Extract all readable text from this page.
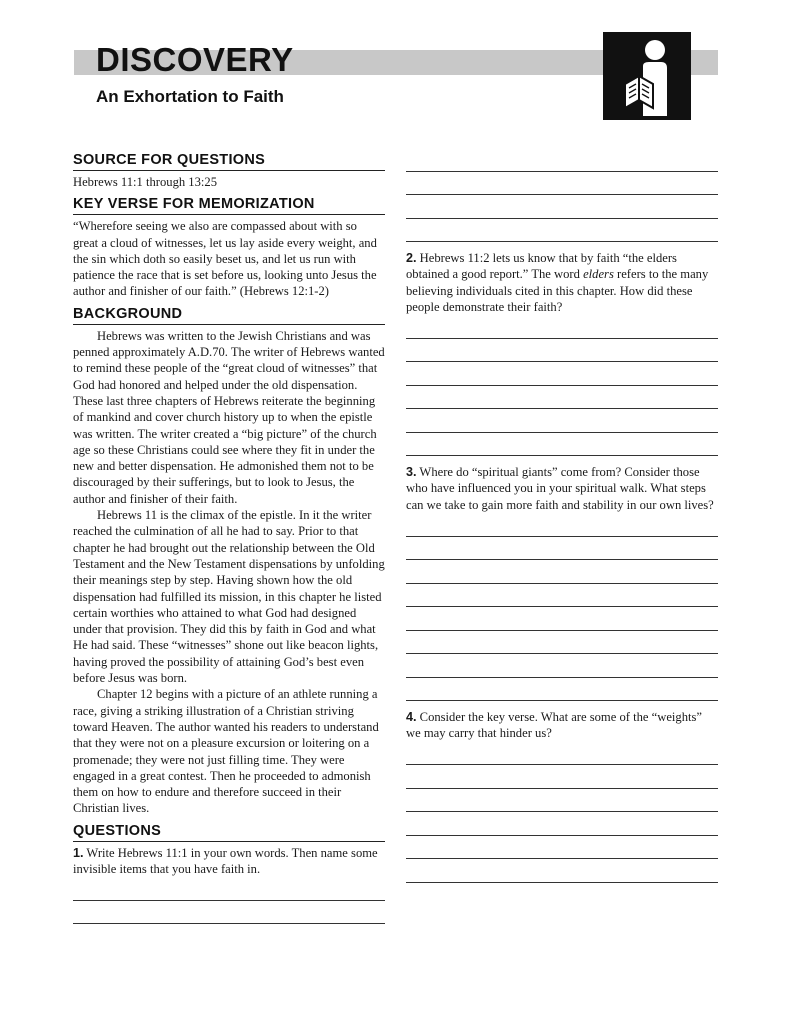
DISCOVERY
An Exhortation to Faith
SOURCE FOR QUESTIONS

Hebrews 11:1 through 13:25

KEY VERSE FOR MEMORIZATION

“Wherefore seeing we also are compassed about with so great a cloud of witnesses, let us lay aside every weight, and the sin which doth so easily beset us, and let us run with patience the race that is set before us, looking unto Jesus the author and finisher of our faith.” (Hebrews 12:1-2)

BACKGROUND

Hebrews was written to the Jewish Christians and was penned approximately A.D.70. The writer of Hebrews wanted to remind these people of the “great cloud of witnesses” that God had honored and helped under the old dispensation. These last three chapters of Hebrews reiterate the beginning of mankind and cover church history up to when the epistle was written. The writer created a “big picture” of the church age so these Christians could see where they fit in under the new and better dispensation. He admonished them not to be discouraged by their sufferings, but to look to Jesus, the author and finisher of their faith.

Hebrews 11 is the climax of the epistle. In it the writer reached the culmination of all he had to say. Prior to that chapter he had brought out the relationship between the Old Testament and the New Testament dispensations by unfolding their meanings step by step. Having shown how the old dispensation had fulfilled its mission, in this chapter he listed certain worthies who attained to what God had designed under that provision. They did this by faith in God and what He had said. These “witnesses” shone out like beacon lights, having proved the possibility of attaining God’s best even before Jesus was born.

Chapter 12 begins with a picture of an athlete running a race, giving a striking illustration of a Christian striving toward Heaven. The author wanted his readers to understand that they were not on a pleasure excursion or loitering on a promenade; they were not just filling time. They were engaged in a great contest. Then he proceeded to admonish them on how to endure and therefore succeed in their Christian lives.

QUESTIONS

1. Write Hebrews 11:1 in your own words. Then name some invisible items that you have faith in.

2. Hebrews 11:2 lets us know that by faith “the elders obtained a good report.” The word elders refers to the many believing individuals cited in this chapter. How did these people demonstrate their faith?

3. Where do “spiritual giants” come from? Consider those who have influenced you in your spiritual walk. What steps can we take to gain more faith and stability in our own lives?

4. Consider the key verse. What are some of the “weights” we may carry that hinder us?
